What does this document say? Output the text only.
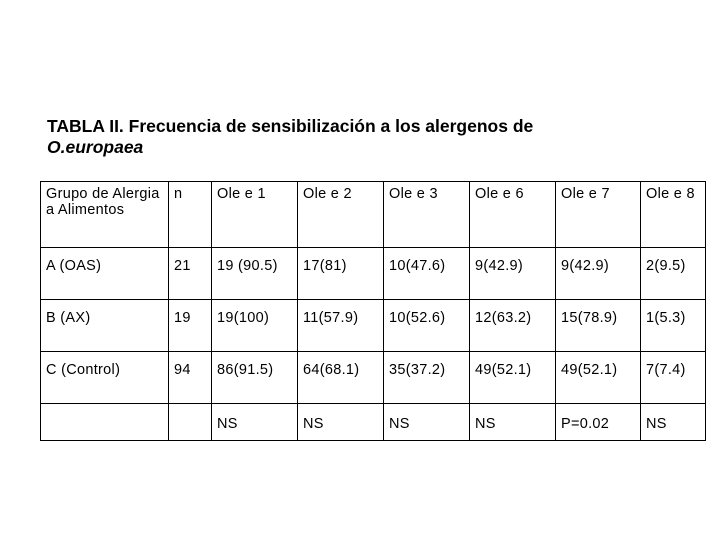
TABLA II. Frecuencia de sensibilización a los alergenos de
O.europaea
Grupo de Alergia a Alimentos	n	Ole e 1	Ole e 2	Ole e 3	Ole e 6	Ole e 7	Ole e 8
A (OAS)	21	19 (90.5)	17(81)	10(47.6)	9(42.9)	9(42.9)	2(9.5)
B (AX)	19	19(100)	11(57.9)	10(52.6)	12(63.2)	15(78.9)	1(5.3)
C (Control)	94	86(91.5)	64(68.1)	35(37.2)	49(52.1)	49(52.1)	7(7.4)
		NS	NS	NS	NS	P=0.02	NS
